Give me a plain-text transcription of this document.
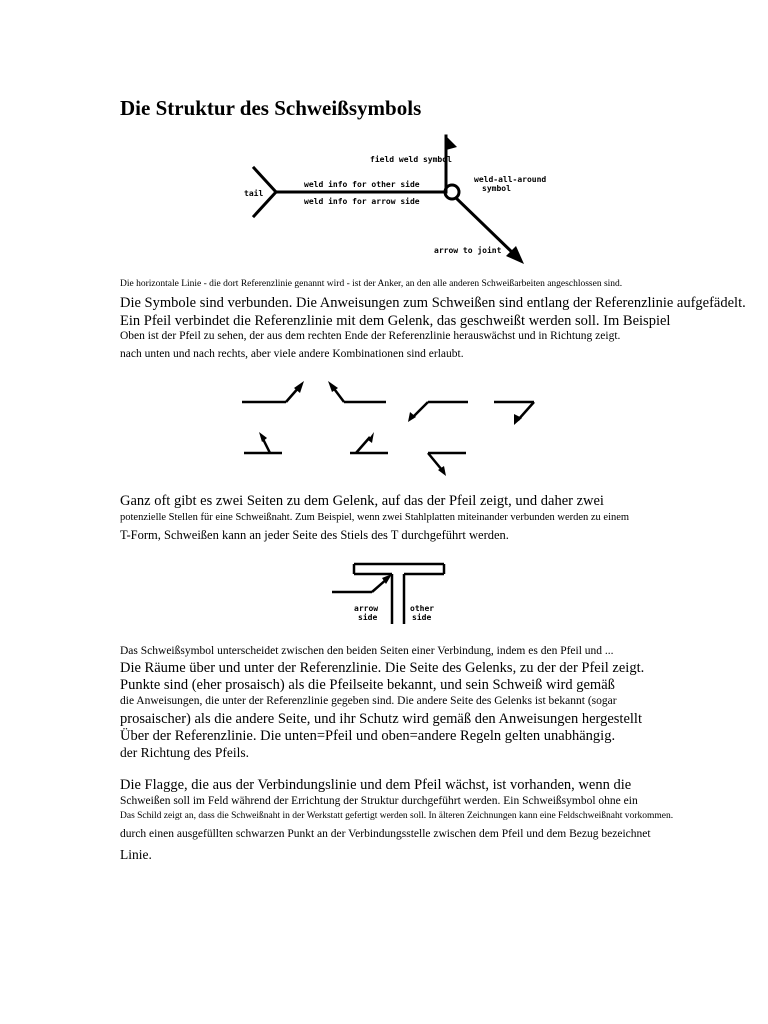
Die Struktur des Schweißsymbols
tail
field weld symbol
weld info for other side
weld info for arrow side
weld-all-around
symbol
arrow to joint
arrow
side
other
side

Die horizontale Linie - die dort Referenzlinie genannt wird - ist der Anker, an den alle anderen Schweißarbeiten angeschlossen sind.

Die Symbole sind verbunden. Die Anweisungen zum Schweißen sind entlang der Referenzlinie aufgefädelt.

Ein Pfeil verbindet die Referenzlinie mit dem Gelenk, das geschweißt werden soll. Im Beispiel

Oben ist der Pfeil zu sehen, der aus dem rechten Ende der Referenzlinie herauswächst und in Richtung zeigt.

nach unten und nach rechts, aber viele andere Kombinationen sind erlaubt.

Ganz oft gibt es zwei Seiten zu dem Gelenk, auf das der Pfeil zeigt, und daher zwei

potenzielle Stellen für eine Schweißnaht. Zum Beispiel, wenn zwei Stahlplatten miteinander verbunden werden zu einem

T-Form, Schweißen kann an jeder Seite des Stiels des T durchgeführt werden.

Das Schweißsymbol unterscheidet zwischen den beiden Seiten einer Verbindung, indem es den Pfeil und ...

Die Räume über und unter der Referenzlinie. Die Seite des Gelenks, zu der der Pfeil zeigt.

Punkte sind (eher prosaisch) als die Pfeilseite bekannt, und sein Schweiß wird gemäß

die Anweisungen, die unter der Referenzlinie gegeben sind. Die andere Seite des Gelenks ist bekannt (sogar

prosaischer) als die andere Seite, und ihr Schutz wird gemäß den Anweisungen hergestellt

Über der Referenzlinie. Die unten=Pfeil und oben=andere Regeln gelten unabhängig.

der Richtung des Pfeils.

Die Flagge, die aus der Verbindungslinie und dem Pfeil wächst, ist vorhanden, wenn die

Schweißen soll im Feld während der Errichtung der Struktur durchgeführt werden. Ein Schweißsymbol ohne ein

Das Schild zeigt an, dass die Schweißnaht in der Werkstatt gefertigt werden soll. In älteren Zeichnungen kann eine Feldschweißnaht vorkommen.

durch einen ausgefüllten schwarzen Punkt an der Verbindungsstelle zwischen dem Pfeil und dem Bezug bezeichnet

Linie.
